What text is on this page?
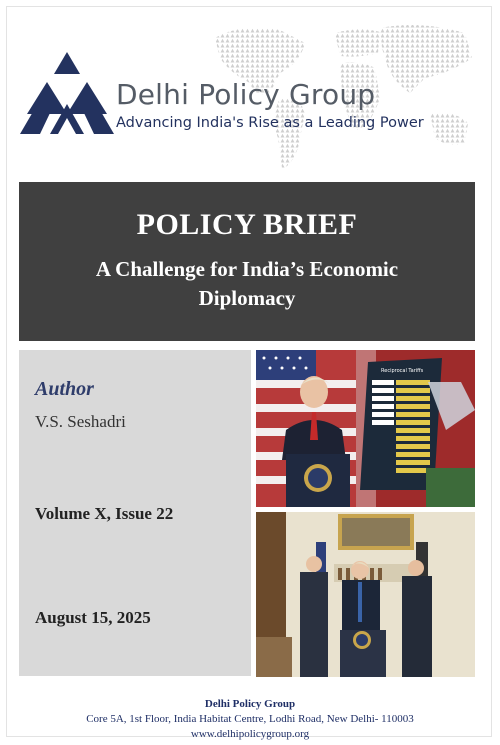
Delhi Policy Group
Advancing India's Rise as a Leading Power
POLICY BRIEF
A Challenge for India’s Economic Diplomacy
Author
V.S. Seshadri
Volume X, Issue 22
August 15, 2025
Reciprocal Tariffs
Delhi Policy Group
Core 5A, 1st Floor, India Habitat Centre, Lodhi Road, New Delhi- 110003
www.delhipolicygroup.org
